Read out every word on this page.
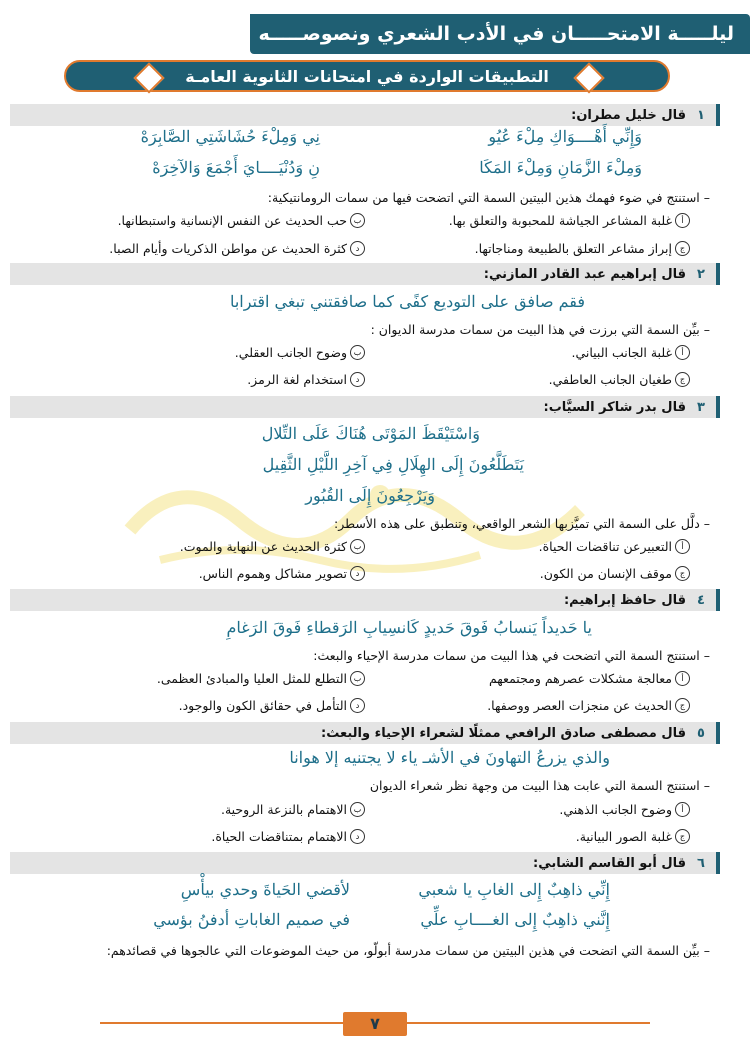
ليلـــــة الامتحـــــان في الأدب الشعري ونصوصـــــه
التطبيقات الواردة في امتحانات الثانوية العامـة
١
قال خليل مطران:
وَإِنِّي أَهْــــوَاكِ مِلْءَ عُيُو
نِي وَمِلْءَ حُشَاشَتِي الصَّابِرَهْ
وَمِلْءَ الزَّمَانِ وَمِلْءَ المَكَا
نِ وَدُنْيَــــايَ أَجْمَعَ وَالآخِرَهْ
– استنتج في ضوء فهمك هذين البيتين السمة التي اتضحت فيها من سمات الرومانتيكية:
أ
غلبة المشاعر الجياشة للمحبوبة والتعلق بها.
ب
حب الحديث عن النفس الإنسانية واستبطانها.
ج
إبراز مشاعر التعلق بالطبيعة ومناجاتها.
د
كثرة الحديث عن مواطن الذكريات وأيام الصبا.
٢
قال إبراهيم عبد القادر المازني:
فقم صافق على التوديع كفًى كما صافقتني تبغي اقترابا
– بيِّن السمة التي برزت في هذا البيت من سمات مدرسة الديوان :
أ
غلبة الجانب البياني.
ب
وضوح الجانب العقلي.
ج
طغيان الجانب العاطفي.
د
استخدام لغة الرمز.
٣
قال بدر شاكر السيَّاب:
وَاسْتَيْقَظَ المَوْتَى هُنَاكَ عَلَى التِّلال
يَتَطَلَّعُونَ إِلَى الهِلَالِ فِي آخِرِ اللَّيْلِ الثَّقِيل
وَيَرْجِعُونَ إِلَى القُبُور
– دلَّل على السمة التي تميَّزبها الشعر الواقعي، وتنطبق على هذه الأسطر:
أ
التعبيرعن تناقضات الحياة.
ب
كثرة الحديث عن النهاية والموت.
ج
موقف الإنسان من الكون.
د
تصوير مشاكل وهموم الناس.
٤
قال حافظ إبراهيم:
يا حَديداً يَنسابُ فَوقَ حَديدٍ كَانسِيابِ الرَقطاءِ فَوقَ الرَغامِ
– استنتج السمة التي اتضحت في هذا البيت من سمات مدرسة الإحياء والبعث:
أ
معالجة مشكلات عصرهم ومجتمعهم
ب
التطلع للمثل العليا والمبادئ العظمى.
ج
الحديث عن منجزات العصر ووصفها.
د
التأمل في حقائق الكون والوجود.
٥
قال مصطفى صادق الرافعي ممثلًا لشعراء الإحياء والبعث:
والذي يزرعُ التهاونَ في الأشـ ياء لا يجتنيه إلا هوانا
– استنتج السمة التي عابت هذا البيت من وجهة نظر شعراء الديوان
أ
وضوح الجانب الذهني.
ب
الاهتمام بالنزعة الروحية.
ج
غلبة الصور البيانية.
د
الاهتمام بمتناقضات الحياة.
٦
قال أبو القاسم الشابي:
إِنِّي ذاهِبٌ إِلى الغابِ يا شعبي
لأقضي الحَياةَ وحدي بيأْسِ
إِنَّني ذاهِبٌ إِلى الغــــابِ علِّي
في صميم الغاباتِ أدفنُ بؤسي
– بيِّن السمة التي اتضحت في هذين البيتين من سمات مدرسة أبولّو، من حيث الموضوعات التي عالجوها في قصائدهم:
٧
